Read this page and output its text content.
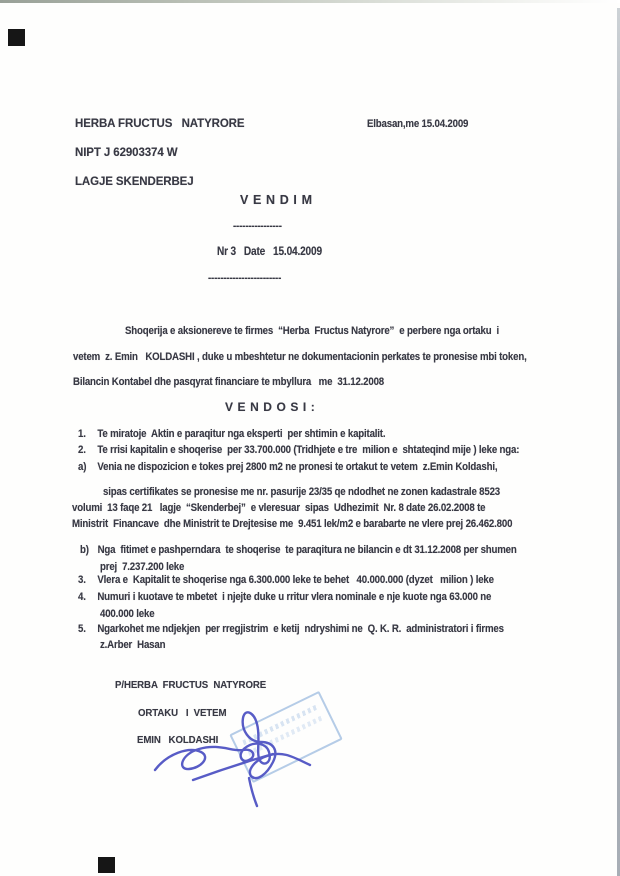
HERBA FRUCTUS   NATYRORE	Elbasan,me 15.04.2009
NIPT J 62903374 W
LAGJE SKENDERBEJ
V E N D I M
----------------
Nr 3   Date   15.04.2009
------------------------
Shoqerija e aksionereve te firmes  “Herba  Fructus Natyrore”  e perbere nga ortaku  i
vetem  z. Emin   KOLDASHI , duke u mbeshtetur ne dokumentacionin perkates te pronesise mbi token,
Bilancin Kontabel dhe pasqyrat financiare te mbyllura   me  31.12.2008
V E N D O S I :
1. Te miratoje  Aktin e paraqitur nga eksperti  per shtimin e kapitalit.
2. Te rrisi kapitalin e shoqerise  per 33.700.000 (Tridhjete e tre  milion e  shtateqind mije ) leke nga:
a) Venia ne dispozicion e tokes prej 2800 m2 ne pronesi te ortakut te vetem  z.Emin Koldashi,
sipas certifikates se pronesise me nr. pasurije 23/35 qe ndodhet ne zonen kadastrale 8523
volumi  13 faqe 21   lagje  “Skenderbej”  e vleresuar  sipas  Udhezimit  Nr. 8 date 26.02.2008 te
Ministrit  Financave  dhe Ministrit te Drejtesise me  9.451 lek/m2 e barabarte ne vlere prej 26.462.800
b) Nga  fitimet e pashperndara  te shoqerise  te paraqitura ne bilancin e dt 31.12.2008 per shumen
prej  7.237.200 leke
3. Vlera e  Kapitalit te shoqerise nga 6.300.000 leke te behet   40.000.000 (dyzet   milion ) leke
4. Numuri i kuotave te mbetet  i njejte duke u rritur vlera nominale e nje kuote nga 63.000 ne
400.000 leke
5. Ngarkohet me ndjekjen  per rregjistrim  e ketij  ndryshimi ne  Q. K. R.  administratori i firmes
z.Arber  Hasan
P/HERBA  FRUCTUS  NATYRORE
ORTAKU   I  VETEM
EMIN   KOLDASHI
